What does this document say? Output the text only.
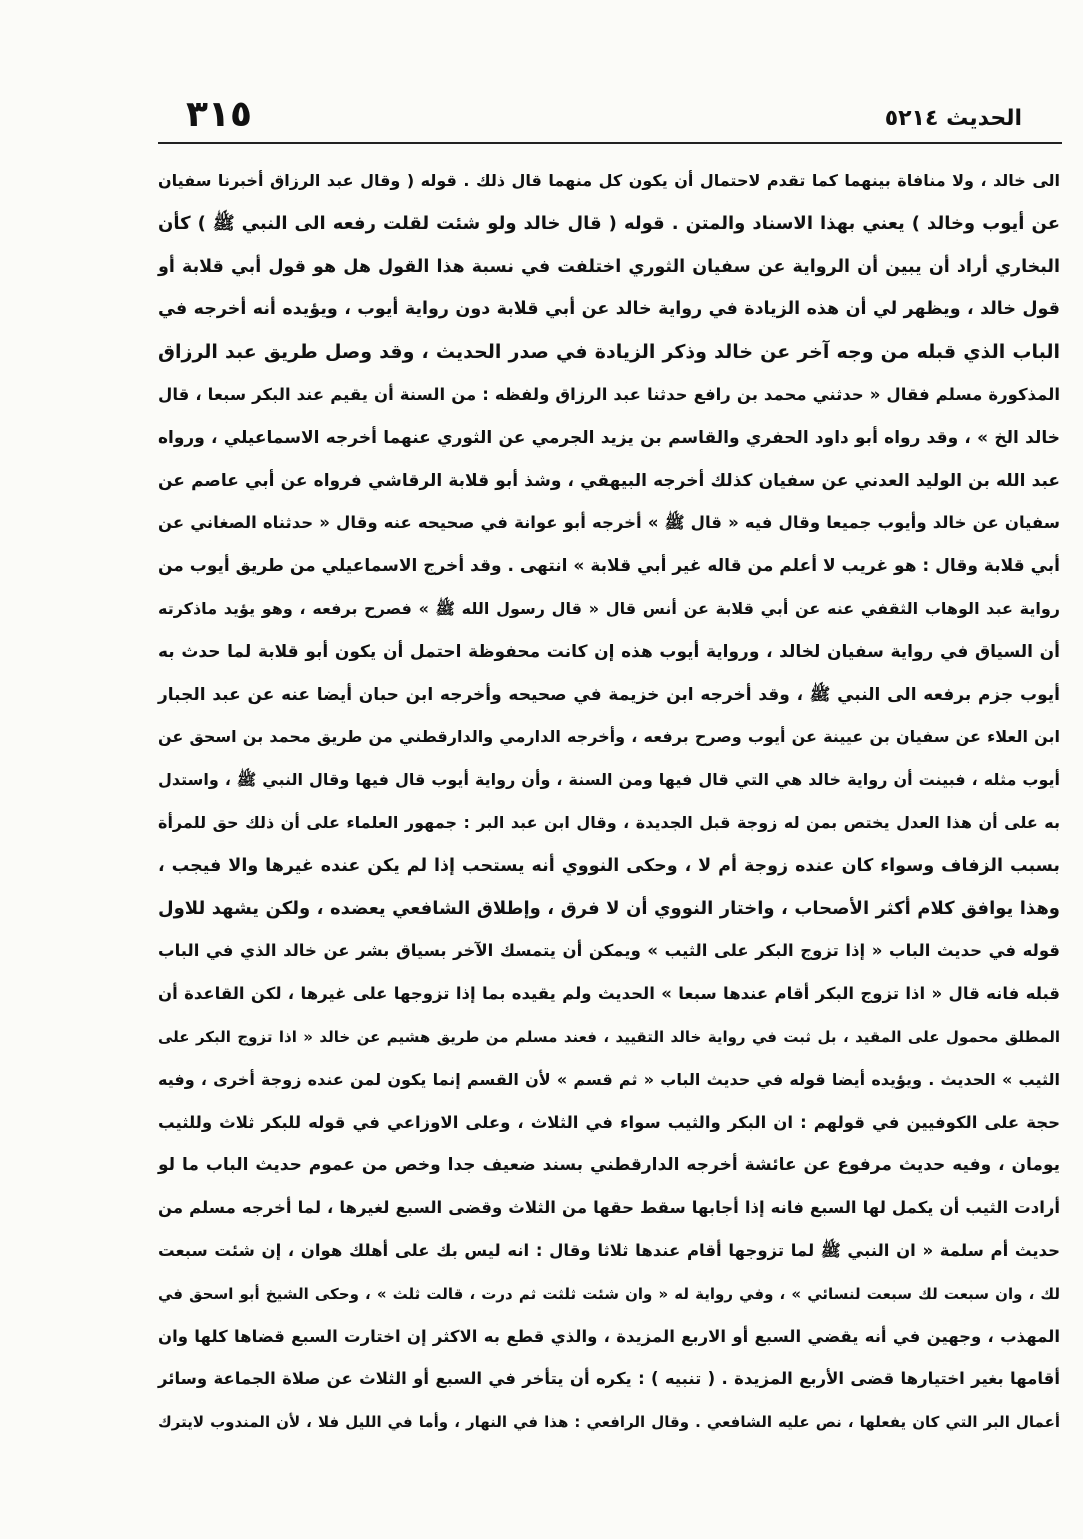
٣١٥	الحديث ٥٢١٤
الى خالد ، ولا منافاة بينهما كما تقدم لاحتمال أن يكون كل منهما قال ذلك . قوله ( وقال عبد الرزاق أخبرنا سفيان
عن أيوب وخالد ) يعني بهذا الاسناد والمتن . قوله ( قال خالد ولو شئت لقلت رفعه الى النبي ﷺ ) كأن
البخاري أراد أن يبين أن الرواية عن سفيان الثوري اختلفت في نسبة هذا القول هل هو قول أبي قلابة أو
قول خالد ، ويظهر لي أن هذه الزيادة في رواية خالد عن أبي قلابة دون رواية أيوب ، ويؤيده أنه أخرجه في
الباب الذي قبله من وجه آخر عن خالد وذكر الزيادة في صدر الحديث ، وقد وصل طريق عبد الرزاق
المذكورة مسلم فقال « حدثني محمد بن رافع حدثنا عبد الرزاق ولفظه : من السنة أن يقيم عند البكر سبعا ، قال
خالد الخ » ، وقد رواه أبو داود الحفري والقاسم بن يزيد الجرمي عن الثوري عنهما أخرجه الاسماعيلي ، ورواه
عبد الله بن الوليد العدني عن سفيان كذلك أخرجه البيهقي ، وشذ أبو قلابة الرقاشي فرواه عن أبي عاصم عن
سفيان عن خالد وأيوب جميعا وقال فيه « قال ﷺ » أخرجه أبو عوانة في صحيحه عنه وقال « حدثناه الصغاني عن
أبي قلابة وقال : هو غريب لا أعلم من قاله غير أبي قلابة » انتهى . وقد أخرج الاسماعيلي من طريق أيوب من
رواية عبد الوهاب الثقفي عنه عن أبي قلابة عن أنس قال « قال رسول الله ﷺ » فصرح برفعه ، وهو يؤيد ماذكرته
أن السياق في رواية سفيان لخالد ، ورواية أيوب هذه إن كانت محفوظة احتمل أن يكون أبو قلابة لما حدث به
أيوب جزم برفعه الى النبي ﷺ ، وقد أخرجه ابن خزيمة في صحيحه وأخرجه ابن حبان أيضا عنه عن عبد الجبار
ابن العلاء عن سفيان بن عيينة عن أيوب وصرح برفعه ، وأخرجه الدارمي والدارقطني من طريق محمد بن اسحق عن
أيوب مثله ، فبينت أن رواية خالد هي التي قال فيها ومن السنة ، وأن رواية أيوب قال فيها وقال النبي ﷺ ، واستدل
به على أن هذا العدل يختص بمن له زوجة قبل الجديدة ، وقال ابن عبد البر : جمهور العلماء على أن ذلك حق للمرأة
بسبب الزفاف وسواء كان عنده زوجة أم لا ، وحكى النووي أنه يستحب إذا لم يكن عنده غيرها والا فيجب ،
وهذا يوافق كلام أكثر الأصحاب ، واختار النووي أن لا فرق ، وإطلاق الشافعي يعضده ، ولكن يشهد للاول
قوله في حديث الباب « إذا تزوج البكر على الثيب » ويمكن أن يتمسك الآخر بسياق بشر عن خالد الذي في الباب
قبله فانه قال « اذا تزوج البكر أقام عندها سبعا » الحديث ولم يقيده بما إذا تزوجها على غيرها ، لكن القاعدة أن
المطلق محمول على المقيد ، بل ثبت في رواية خالد التقييد ، فعند مسلم من طريق هشيم عن خالد « اذا تزوج البكر على
الثيب » الحديث . ويؤيده أيضا قوله في حديث الباب « ثم قسم » لأن القسم إنما يكون لمن عنده زوجة أخرى ، وفيه
حجة على الكوفيين في قولهم : ان البكر والثيب سواء في الثلاث ، وعلى الاوزاعي في قوله للبكر ثلاث وللثيب
يومان ، وفيه حديث مرفوع عن عائشة أخرجه الدارقطني بسند ضعيف جدا وخص من عموم حديث الباب ما لو
أرادت الثيب أن يكمل لها السبع فانه إذا أجابها سقط حقها من الثلاث وقضى السبع لغيرها ، لما أخرجه مسلم من
حديث أم سلمة « ان النبي ﷺ لما تزوجها أقام عندها ثلاثا وقال : انه ليس بك على أهلك هوان ، إن شئت سبعت
لك ، وان سبعت لك سبعت لنسائي » ، وفي رواية له « وان شئت ثلثت ثم درت ، قالت ثلث » ، وحكى الشيخ أبو اسحق في
المهذب ، وجهين في أنه يقضي السبع أو الاربع المزيدة ، والذي قطع به الاكثر إن اختارت السبع قضاها كلها وان
أقامها بغير اختيارها قضى الأربع المزيدة . ( تنبيه ) : يكره أن يتأخر في السبع أو الثلاث عن صلاة الجماعة وسائر
أعمال البر التي كان يفعلها ، نص عليه الشافعي . وقال الرافعي : هذا في النهار ، وأما في الليل فلا ، لأن المندوب لايترك
